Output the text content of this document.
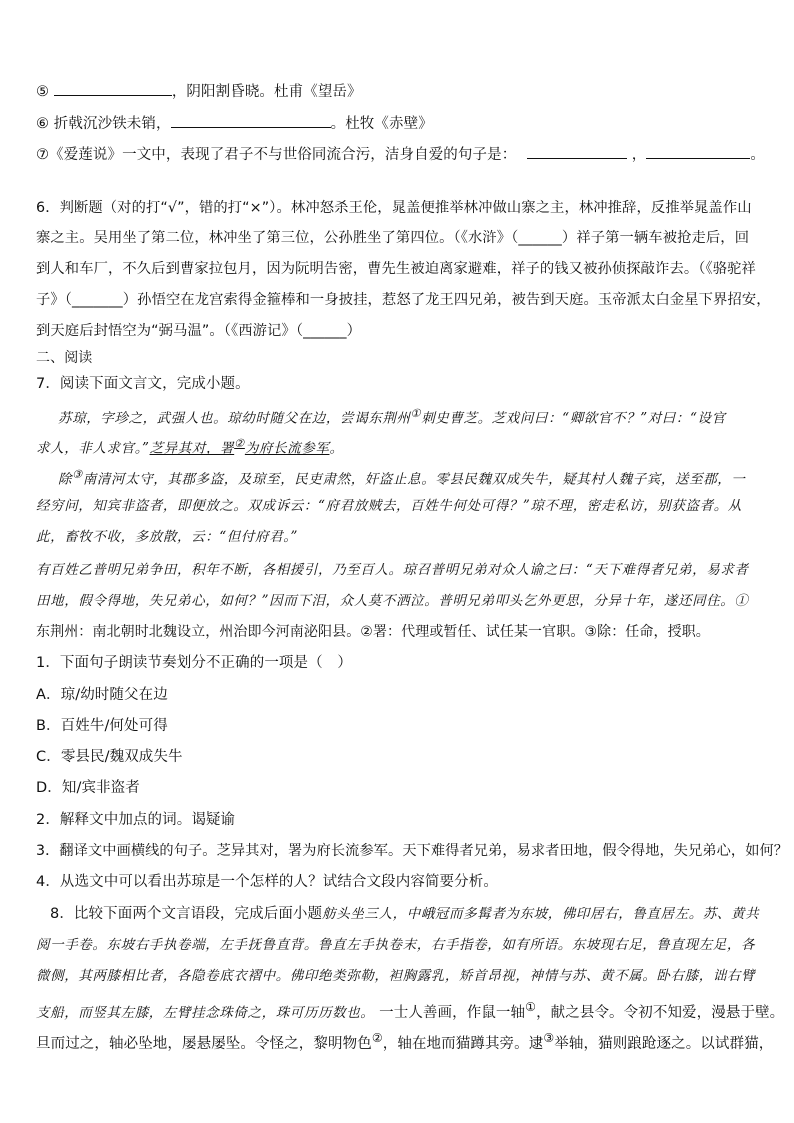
⑤	，阴阳割昏晓。杜甫《望岳》
⑥ 折戟沉沙铁未销，	。杜牧《赤壁》
⑦《爱莲说》一文中，表现了君子不与世俗同流合污，洁身自爱的句子是：	，	。
6．判断题（对的打“√”，错的打“×”）。林冲怒杀王伦，晁盖便推举林冲做山寨之主，林冲推辞，反推举晁盖作山
寨之主。吴用坐了第二位，林冲坐了第三位，公孙胜坐了第四位。（《水浒》（______）祥子第一辆车被抢走后，回
到人和车厂，不久后到曹家拉包月，因为阮明告密，曹先生被迫离家避难，祥子的钱又被孙侦探敲诈去。（《骆驼祥
子》（_______）孙悟空在龙宫索得金箍棒和一身披挂，惹怒了龙王四兄弟，被告到天庭。玉帝派太白金星下界招安，
到天庭后封悟空为“弼马温”。（《西游记》（______）
二、阅读
7．阅读下面文言文，完成小题。
苏琼，字珍之，武强人也。琼幼时随父在边，尝谒东荆州①刺史曹芝。芝戏问曰：“卿欲官不？”对曰：“设官
求人，非人求官。”芝异其对，署②为府长流参军。
除③南清河太守，其郡多盗，及琼至，民吏肃然，奸盗止息。零县民魏双成失牛，疑其村人魏子宾，送至郡，一
经穷问，知宾非盗者，即便放之。双成诉云：“府君放贼去，百姓牛何处可得？”琼不理，密走私访，别获盗者。从
此，畜牧不收，多放散，云：“但付府君。”
有百姓乙普明兄弟争田，积年不断，各相援引，乃至百人。琼召普明兄弟对众人谕之曰：“天下难得者兄弟，易求者
田地，假令得地，失兄弟心，如何？”因而下泪，众人莫不洒泣。普明兄弟叩头乞外更思，分异十年，遂还同住。①
东荆州：南北朝时北魏设立，州治即今河南泌阳县。②署：代理或暂任、试任某一官职。③除：任命，授职。
1．下面句子朗读节奏划分不正确的一项是（　）
A．琼/幼时随父在边
B．百姓牛/何处可得
C．零县民/魏双成失牛
D．知/宾非盗者
2．解释文中加点的词。谒疑谕
3．翻译文中画横线的句子。芝异其对，署为府长流参军。天下难得者兄弟，易求者田地，假令得地，失兄弟心，如何？
4．从选文中可以看出苏琼是一个怎样的人？试结合文段内容简要分析。
8．比较下面两个文言语段，完成后面小题舫头坐三人，中峨冠而多髯者为东坡，佛印居右，鲁直居左。苏、黄共
阅一手卷。东坡右手执卷端，左手抚鲁直背。鲁直左手执卷末，右手指卷，如有所语。东坡现右足，鲁直现左足，各
微侧，其两膝相比者，各隐卷底衣褶中。佛印绝类弥勒，袒胸露乳，矫首昂视，神情与苏、黄不属。卧右膝，诎右臂
支船，而竖其左膝，左臂挂念珠倚之，珠可历历数也。 一士人善画，作鼠一轴①，献之县令。令初不知爱，漫悬于壁。
旦而过之，轴必坠地，屡悬屡坠。令怪之，黎明物色②，轴在地而猫蹲其旁。逮③举轴，猫则踉跄逐之。以试群猫，
